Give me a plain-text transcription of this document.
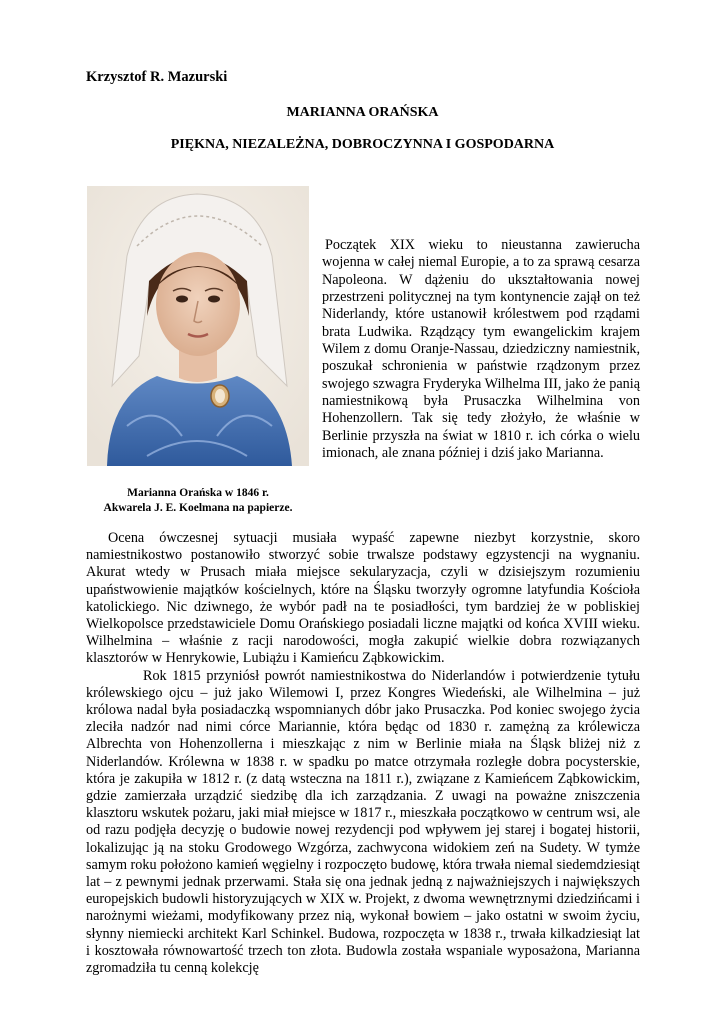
Krzysztof R. Mazurski
MARIANNA ORAŃSKA
PIĘKNA, NIEZALEŻNA, DOBROCZYNNA I GOSPODARNA
Marianna Orańska w 1846 r.
Akwarela J. E. Koelmana na papierze.
Początek XIX wieku to nieustanna zawierucha wojenna w całej niemal Europie, a to za sprawą cesarza Napoleona. W dążeniu do ukształtowania nowej przestrzeni politycznej na tym kontynencie zajął on też Niderlandy, które ustanowił królestwem pod rządami brata Ludwika. Rządzący tym ewangelickim krajem Wilem z domu Oranje-Nassau, dziedziczny namiestnik, poszukał schronienia w państwie rządzonym przez swojego szwagra Fryderyka Wilhelma III, jako że panią namiestnikową była Prusaczka Wilhelmina von Hohenzollern. Tak się tedy złożyło, że właśnie w Berlinie przyszła na świat w 1810 r. ich córka o wielu imionach, ale znana później i dziś jako Marianna.

Ocena ówczesnej sytuacji musiała wypaść zapewne niezbyt korzystnie, skoro namiestnikostwo postanowiło stworzyć sobie trwalsze podstawy egzystencji na wygnaniu. Akurat wtedy w Prusach miała miejsce sekularyzacja, czyli w dzisiejszym rozumieniu upaństwowienie majątków kościelnych, które na Śląsku tworzyły ogromne latyfundia Kościoła katolickiego. Nic dziwnego, że wybór padł na te posiadłości, tym bardziej że w pobliskiej Wielkopolsce przedstawiciele Domu Orańskiego posiadali liczne majątki od końca XVIII wieku. Wilhelmina – właśnie z racji narodowości, mogła zakupić wielkie dobra rozwiązanych klasztorów w Henrykowie, Lubiążu i Kamieńcu Ząbkowickim.

Rok 1815 przyniósł powrót namiestnikostwa do Niderlandów i potwierdzenie tytułu królewskiego ojcu – już jako Wilemowi I, przez Kongres Wiedeński, ale Wilhelmina – już królowa nadal była posiadaczką wspomnianych dóbr jako Prusaczka. Pod koniec swojego życia zleciła nadzór nad nimi córce Mariannie, która będąc od 1830 r. zamężną za królewicza Albrechta von Hohenzollerna i mieszkając z nim w Berlinie miała na Śląsk bliżej niż z Niderlandów. Królewna w 1838 r. w spadku po matce otrzymała rozległe dobra pocysterskie, która je zakupiła w 1812 r. (z datą wsteczna na 1811 r.), związane z Kamieńcem Ząbkowickim, gdzie zamierzała urządzić siedzibę dla ich zarządzania. Z uwagi na poważne zniszczenia klasztoru wskutek pożaru, jaki miał miejsce w 1817 r., mieszkała początkowo w centrum wsi, ale od razu podjęła decyzję o budowie nowej rezydencji pod wpływem jej starej i bogatej historii, lokalizując ją na stoku Grodowego Wzgórza, zachwycona widokiem zeń na Sudety. W tymże samym roku położono kamień węgielny i rozpoczęto budowę, która trwała niemal siedemdziesiąt lat – z pewnymi jednak przerwami. Stała się ona jednak jedną z najważniejszych i największych europejskich budowli historyzujących w XIX w. Projekt, z dwoma wewnętrznymi dziedzińcami i narożnymi wieżami, modyfikowany przez nią, wykonał bowiem – jako ostatni w swoim życiu, słynny niemiecki architekt Karl Schinkel. Budowa, rozpoczęta w 1838 r., trwała kilkadziesiąt lat i kosztowała równowartość trzech ton złota. Budowla została wspaniale wyposażona, Marianna zgromadziła tu cenną kolekcję
